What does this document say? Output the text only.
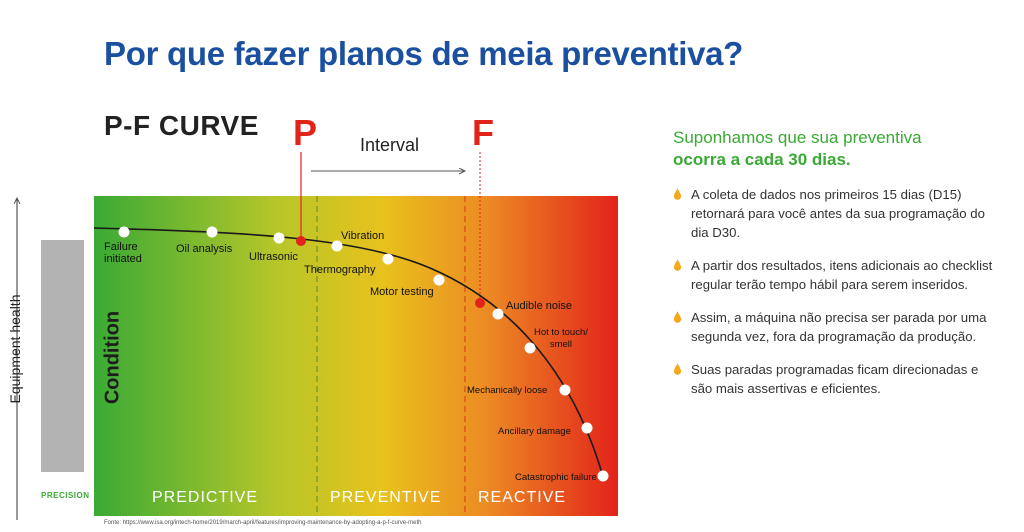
Por que fazer planos de meia preventiva?
P-F CURVE P	F
Interval
Equipment health	Condition
PRECISION	PREDICTIVE	PREVENTIVE REACTIVE
Failure
initiated
Oil analysis
Ultrasonic
Vibration
Thermography
Motor testing
Audible noise
Hot to touch/
smell
Mechanically loose
Ancillary damage
Catastrophic failure
Fonte: https://www.isa.org/intech-home/2019/march-april/features/improving-maintenance-by-adopting-a-p-f-curve-meth
Suponhamos que sua preventiva
ocorra a cada 30 dias.
A coleta de dados nos primeiros 15 dias (D15) retornará para você antes da sua programação do dia D30.
A partir dos resultados, itens adicionais ao checklist regular terão tempo hábil para serem inseridos.
Assim, a máquina não precisa ser parada por uma segunda vez, fora da programação da produção.
Suas paradas programadas ficam direcionadas e são mais assertivas e eficientes.
